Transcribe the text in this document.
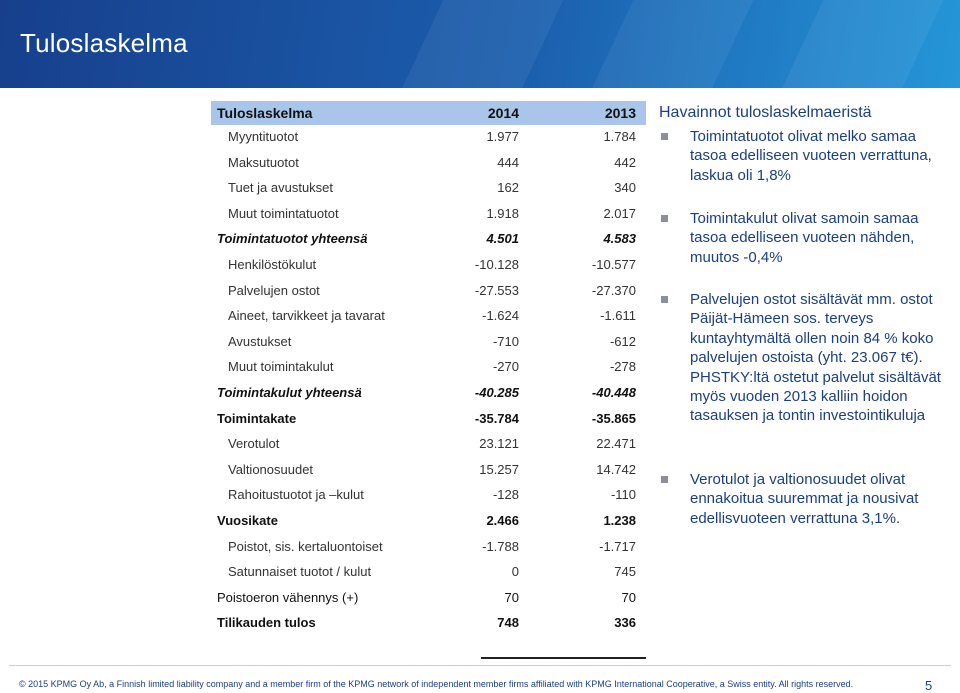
Tuloslaskelma
Tuloslaskelma	2014	2013
Myyntituotot	1.977	1.784
Maksutuotot	444	442
Tuet ja avustukset	162	340
Muut toimintatuotot	1.918	2.017
Toimintatuotot yhteensä	4.501	4.583
Henkilöstökulut	-10.128	-10.577
Palvelujen ostot	-27.553	-27.370
Aineet, tarvikkeet ja tavarat	-1.624	-1.611
Avustukset	-710	-612
Muut toimintakulut	-270	-278
Toimintakulut yhteensä	-40.285	-40.448
Toimintakate	-35.784	-35.865
Verotulot	23.121	22.471
Valtionosuudet	15.257	14.742
Rahoitustuotot ja –kulut	-128	-110
Vuosikate	2.466	1.238
Poistot, sis. kertaluontoiset	-1.788	-1.717
Satunnaiset tuotot / kulut	0	745
Poistoeron vähennys (+)	70	70
Tilikauden tulos	748	336
Havainnot tuloslaskelmaeristä
Toimintatuotot olivat melko samaa tasoa edelliseen vuoteen verrattuna, laskua oli 1,8%
Toimintakulut olivat samoin samaa tasoa edelliseen vuoteen nähden, muutos -0,4%
Palvelujen ostot sisältävät mm. ostot Päijät-Hämeen sos. terveys kuntayhtymältä ollen noin 84 % koko palvelujen ostoista (yht. 23.067 t€). PHSTKY:ltä ostetut palvelut sisältävät myös vuoden 2013 kalliin hoidon tasauksen ja tontin investointikuluja
Verotulot ja valtionosuudet olivat ennakoitua suuremmat ja nousivat edellisvuoteen verrattuna 3,1%.
© 2015 KPMG Oy Ab, a Finnish limited liability company and a member firm of the KPMG network of independent member firms affiliated with KPMG International Cooperative, a Swiss entity. All rights reserved.	5
